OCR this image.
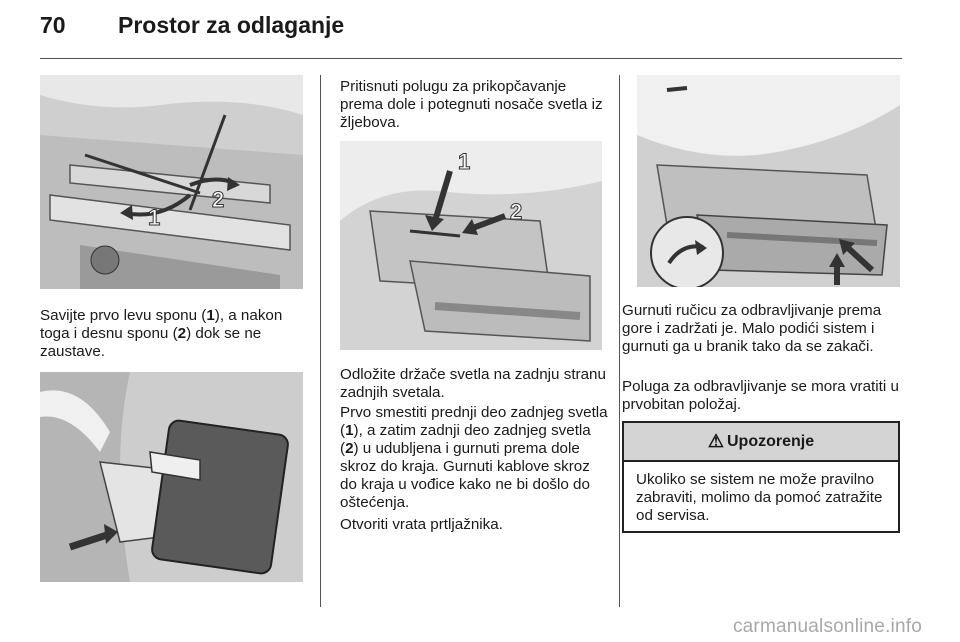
70 Prostor za odlaganje
1
2

Savijte prvo levu sponu (1), a nakon toga i desnu sponu (2) dok se ne zaustave.

Pritisnuti polugu za prikopčavanje prema dole i potegnuti nosače svetla iz žljebova.

1
2

Odložite držače svetla na zadnju stranu zadnjih svetala.

Prvo smestiti prednji deo zadnjeg svetla (1), a zatim zadnji deo zadnjeg svetla (2) u udubljena i gurnuti prema dole skroz do kraja. Gurnuti kablove skroz do kraja u vođice kako ne bi došlo do oštećenja.

Otvoriti vrata prtljažnika.

Gurnuti ručicu za odbravljivanje prema gore i zadržati je. Malo podići sistem i gurnuti ga u branik tako da se zakači.

Poluga za odbravljivanje se mora vratiti u prvobitan položaj.

⚠ Upozorenje
Ukoliko se sistem ne može pravilno zabraviti, molimo da pomoć zatražite od servisa.
carmanualsonline.info
